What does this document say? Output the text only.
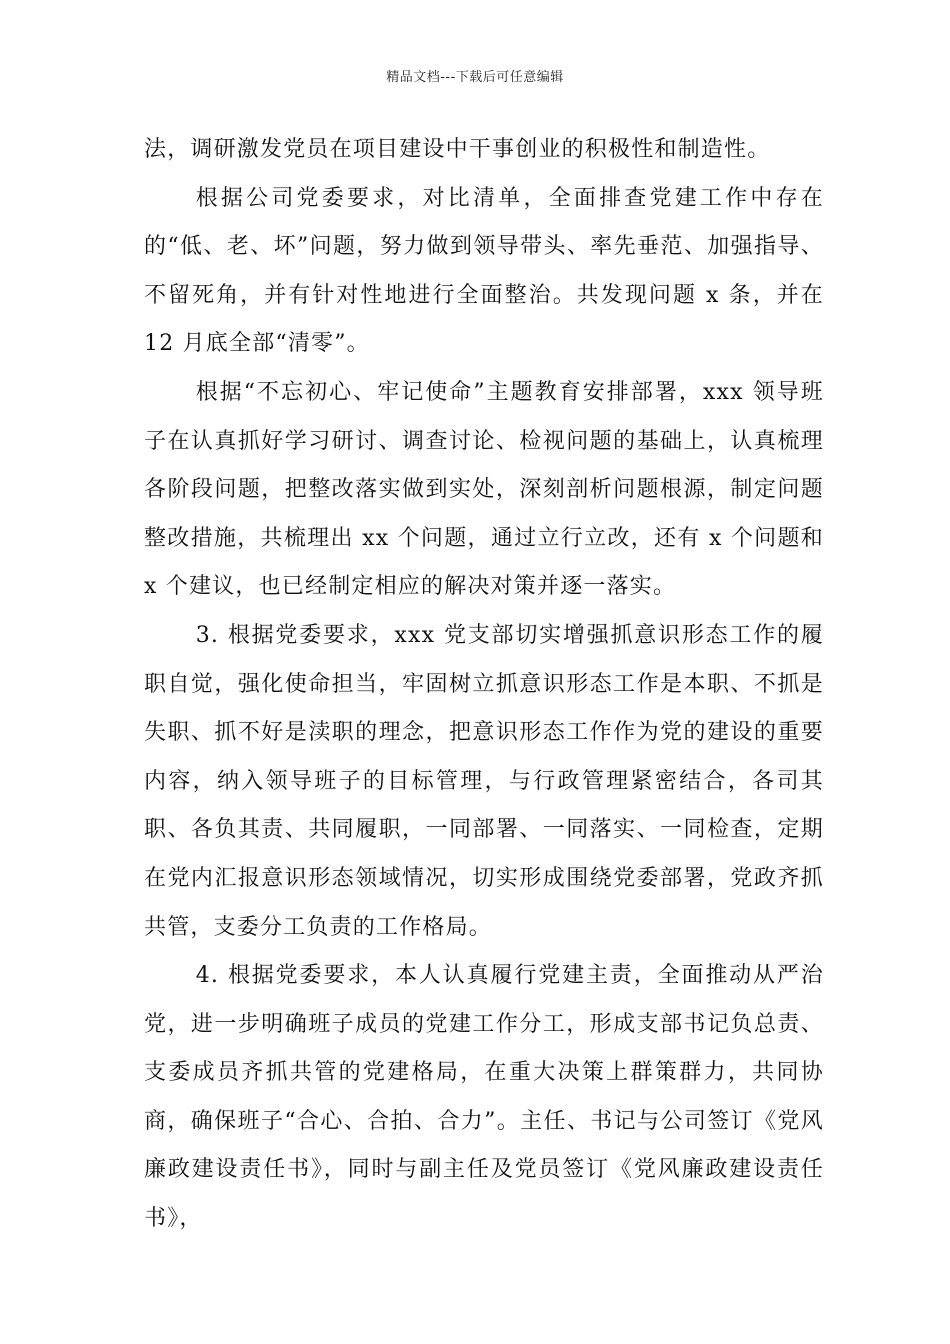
精品文档---下载后可任意编辑

法，调研激发党员在项目建设中干事创业的积极性和制造性。

根据公司党委要求，对比清单，全面排查党建工作中存在的“低、老、坏”问题，努力做到领导带头、率先垂范、加强指导、不留死角，并有针对性地进行全面整治。共发现问题 x 条，并在 12 月底全部“清零”。

根据“不忘初心、牢记使命”主题教育安排部署，xxx 领导班子在认真抓好学习研讨、调查讨论、检视问题的基础上，认真梳理各阶段问题，把整改落实做到实处，深刻剖析问题根源，制定问题整改措施，共梳理出 xx 个问题，通过立行立改，还有 x 个问题和 x 个建议，也已经制定相应的解决对策并逐一落实。

3. 根据党委要求，xxx 党支部切实增强抓意识形态工作的履职自觉，强化使命担当，牢固树立抓意识形态工作是本职、不抓是失职、抓不好是渎职的理念，把意识形态工作作为党的建设的重要内容，纳入领导班子的目标管理，与行政管理紧密结合，各司其职、各负其责、共同履职，一同部署、一同落实、一同检查，定期在党内汇报意识形态领域情况，切实形成围绕党委部署，党政齐抓共管，支委分工负责的工作格局。

4. 根据党委要求，本人认真履行党建主责，全面推动从严治党，进一步明确班子成员的党建工作分工，形成支部书记负总责、支委成员齐抓共管的党建格局，在重大决策上群策群力，共同协商，确保班子“合心、合拍、合力”。主任、书记与公司签订《党风廉政建设责任书》，同时与副主任及党员签订《党风廉政建设责任书》，
